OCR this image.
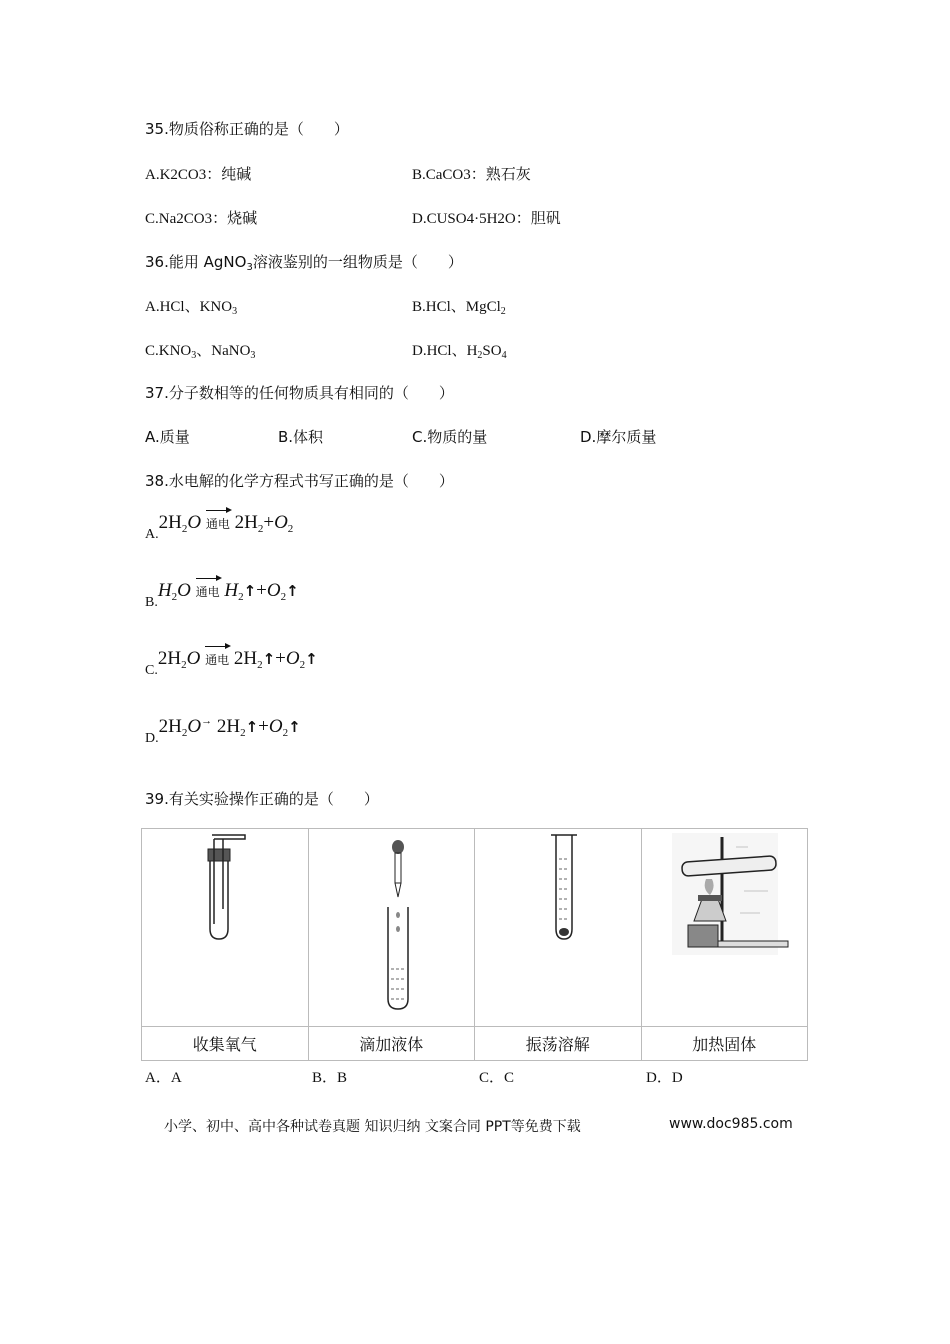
35.物质俗称正确的是（　　）
A.K2CO3：纯碱	B.CaCO3：熟石灰
C.Na2CO3：烧碱	D.CUSO4·5H2O：胆矾
36.能用 AgNO$_3$溶液鉴别的一组物质是（　　）
A.HCl、$KNO_3$	B.HCl、MgCl$_2$
$C.KNO_3$、NaNO$_3$	D.HCl、$H_2SO_4$
37.分子数相等的任何物质具有相同的（　　）
A.质量	B.体积	C.物质的量	D.摩尔质量
38.水电解的化学方程式书写正确的是（　　）
$A.2H_2O$ 通电 $2H_2+O_2$
$B.H_2O$ 通电 $H_2↑+O_2↑$
$C.2H_2O$ 通电 $2H_2↑+O_2↑$
$D.2H_2O^\to$ $2H_2↑+O_2↑$
39.有关实验操作正确的是（　　）

收集氧气	滴加液体	振荡溶解	加热固体
A．A	B．B	C．C	D．D
小学、初中、高中各种试卷真题 知识归纳 文案合同 PPT等免费下载	www.doc985.com
